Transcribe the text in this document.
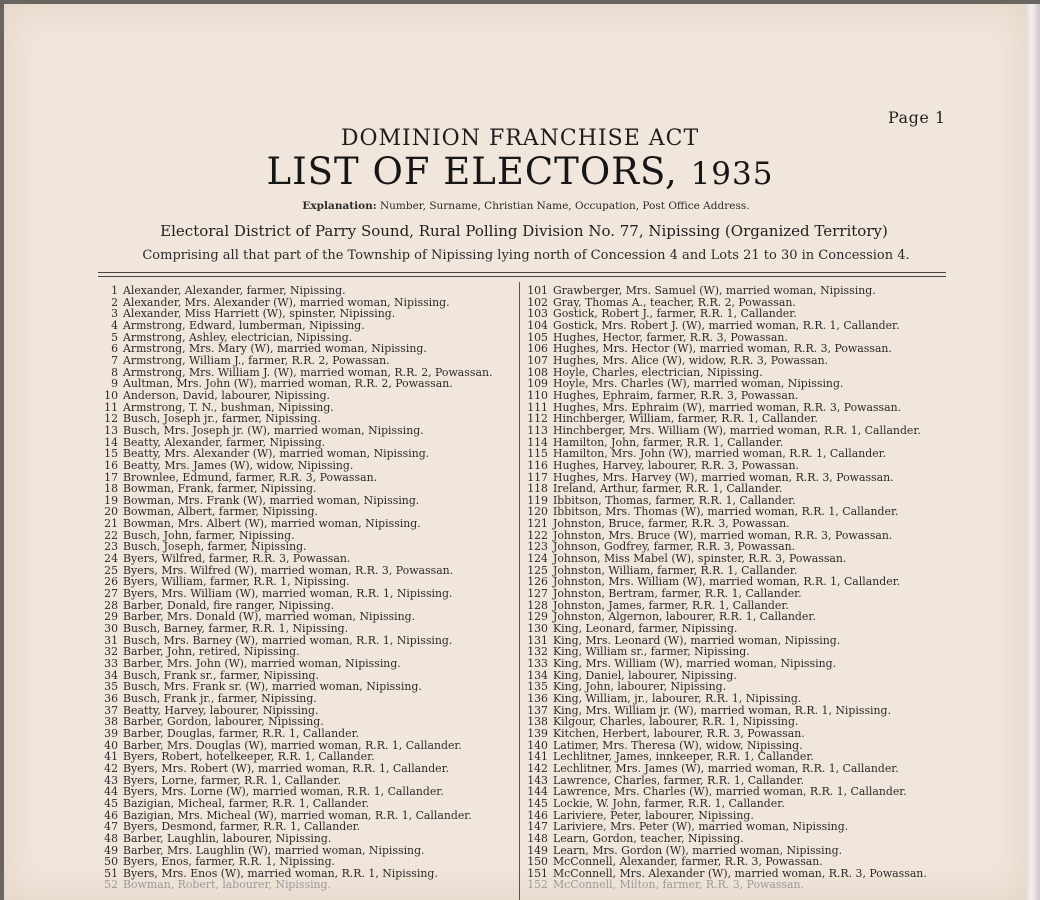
Page 1
DOMINION FRANCHISE ACT
LIST OF ELECTORS, 1935
Explanation: Number, Surname, Christian Name, Occupation, Post Office Address.
Electoral District of Parry Sound, Rural Polling Division No. 77, Nipissing (Organized Territory)
Comprising all that part of the Township of Nipissing lying north of Concession 4 and Lots 21 to 30 in Concession 4.
1 Alexander, Alexander, farmer, Nipissing.
2 Alexander, Mrs. Alexander (W), married woman, Nipissing.
3 Alexander, Miss Harriett (W), spinster, Nipissing.
4 Armstrong, Edward, lumberman, Nipissing.
5 Armstrong, Ashley, electrician, Nipissing.
6 Armstrong, Mrs. Mary (W), married woman, Nipissing.
7 Armstrong, William J., farmer, R.R. 2, Powassan.
8 Armstrong, Mrs. William J. (W), married woman, R.R. 2, Powassan.
9 Aultman, Mrs. John (W), married woman, R.R. 2, Powassan.
10 Anderson, David, labourer, Nipissing.
11 Armstrong, T. N., bushman, Nipissing.
12 Busch, Joseph jr., farmer, Nipissing.
13 Busch, Mrs. Joseph jr. (W), married woman, Nipissing.
14 Beatty, Alexander, farmer, Nipissing.
15 Beatty, Mrs. Alexander (W), married woman, Nipissing.
16 Beatty, Mrs. James (W), widow, Nipissing.
17 Brownlee, Edmund, farmer, R.R. 3, Powassan.
18 Bowman, Frank, farmer, Nipissing.
19 Bowman, Mrs. Frank (W), married woman, Nipissing.
20 Bowman, Albert, farmer, Nipissing.
21 Bowman, Mrs. Albert (W), married woman, Nipissing.
22 Busch, John, farmer, Nipissing.
23 Busch, Joseph, farmer, Nipissing.
24 Byers, Wilfred, farmer, R.R. 3, Powassan.
25 Byers, Mrs. Wilfred (W), married woman, R.R. 3, Powassan.
26 Byers, William, farmer, R.R. 1, Nipissing.
27 Byers, Mrs. William (W), married woman, R.R. 1, Nipissing.
28 Barber, Donald, fire ranger, Nipissing.
29 Barber, Mrs. Donald (W), married woman, Nipissing.
30 Busch, Barney, farmer, R.R. 1, Nipissing.
31 Busch, Mrs. Barney (W), married woman, R.R. 1, Nipissing.
32 Barber, John, retired, Nipissing.
33 Barber, Mrs. John (W), married woman, Nipissing.
34 Busch, Frank sr., farmer, Nipissing.
35 Busch, Mrs. Frank sr. (W), married woman, Nipissing.
36 Busch, Frank jr., farmer, Nipissing.
37 Beatty, Harvey, labourer, Nipissing.
38 Barber, Gordon, labourer, Nipissing.
39 Barber, Douglas, farmer, R.R. 1, Callander.
40 Barber, Mrs. Douglas (W), married woman, R.R. 1, Callander.
41 Byers, Robert, hotelkeeper, R.R. 1, Callander.
42 Byers, Mrs. Robert (W), married woman, R.R. 1, Callander.
43 Byers, Lorne, farmer, R.R. 1, Callander.
44 Byers, Mrs. Lorne (W), married woman, R.R. 1, Callander.
45 Bazigian, Micheal, farmer, R.R. 1, Callander.
46 Bazigian, Mrs. Micheal (W), married woman, R.R. 1, Callander.
47 Byers, Desmond, farmer, R.R. 1, Callander.
48 Barber, Laughlin, labourer, Nipissing.
49 Barber, Mrs. Laughlin (W), married woman, Nipissing.
50 Byers, Enos, farmer, R.R. 1, Nipissing.
51 Byers, Mrs. Enos (W), married woman, R.R. 1, Nipissing.
52 Bowman, Robert, labourer, Nipissing.
101 Grawberger, Mrs. Samuel (W), married woman, Nipissing.
102 Gray, Thomas A., teacher, R.R. 2, Powassan.
103 Gostick, Robert J., farmer, R.R. 1, Callander.
104 Gostick, Mrs. Robert J. (W), married woman, R.R. 1, Callander.
105 Hughes, Hector, farmer, R.R. 3, Powassan.
106 Hughes, Mrs. Hector (W), married woman, R.R. 3, Powassan.
107 Hughes, Mrs. Alice (W), widow, R.R. 3, Powassan.
108 Hoyle, Charles, electrician, Nipissing.
109 Hoyle, Mrs. Charles (W), married woman, Nipissing.
110 Hughes, Ephraim, farmer, R.R. 3, Powassan.
111 Hughes, Mrs. Ephraim (W), married woman, R.R. 3, Powassan.
112 Hinchberger, William, farmer, R.R. 1, Callander.
113 Hinchberger, Mrs. William (W), married woman, R.R. 1, Callander.
114 Hamilton, John, farmer, R.R. 1, Callander.
115 Hamilton, Mrs. John (W), married woman, R.R. 1, Callander.
116 Hughes, Harvey, labourer, R.R. 3, Powassan.
117 Hughes, Mrs. Harvey (W), married woman, R.R. 3, Powassan.
118 Ireland, Arthur, farmer, R.R. 1, Callander.
119 Ibbitson, Thomas, farmer, R.R. 1, Callander.
120 Ibbitson, Mrs. Thomas (W), married woman, R.R. 1, Callander.
121 Johnston, Bruce, farmer, R.R. 3, Powassan.
122 Johnston, Mrs. Bruce (W), married woman, R.R. 3, Powassan.
123 Johnson, Godfrey, farmer, R.R. 3, Powassan.
124 Johnson, Miss Mabel (W), spinster, R.R. 3, Powassan.
125 Johnston, William, farmer, R.R. 1, Callander.
126 Johnston, Mrs. William (W), married woman, R.R. 1, Callander.
127 Johnston, Bertram, farmer, R.R. 1, Callander.
128 Johnston, James, farmer, R.R. 1, Callander.
129 Johnston, Algernon, labourer, R.R. 1, Callander.
130 King, Leonard, farmer, Nipissing.
131 King, Mrs. Leonard (W), married woman, Nipissing.
132 King, William sr., farmer, Nipissing.
133 King, Mrs. William (W), married woman, Nipissing.
134 King, Daniel, labourer, Nipissing.
135 King, John, labourer, Nipissing.
136 King, William, jr., labourer, R.R. 1, Nipissing.
137 King, Mrs. William jr. (W), married woman, R.R. 1, Nipissing.
138 Kilgour, Charles, labourer, R.R. 1, Nipissing.
139 Kitchen, Herbert, labourer, R.R. 3, Powassan.
140 Latimer, Mrs. Theresa (W), widow, Nipissing.
141 Lechlitner, James, innkeeper, R.R. 1, Callander.
142 Lechlitner, Mrs. James (W), married woman, R.R. 1, Callander.
143 Lawrence, Charles, farmer, R.R. 1, Callander.
144 Lawrence, Mrs. Charles (W), married woman, R.R. 1, Callander.
145 Lockie, W. John, farmer, R.R. 1, Callander.
146 Lariviere, Peter, labourer, Nipissing.
147 Lariviere, Mrs. Peter (W), married woman, Nipissing.
148 Learn, Gordon, teacher, Nipissing.
149 Learn, Mrs. Gordon (W), married woman, Nipissing.
150 McConnell, Alexander, farmer, R.R. 3, Powassan.
151 McConnell, Mrs. Alexander (W), married woman, R.R. 3, Powassan.
152 McConnell, Milton, farmer, R.R. 3, Powassan.
